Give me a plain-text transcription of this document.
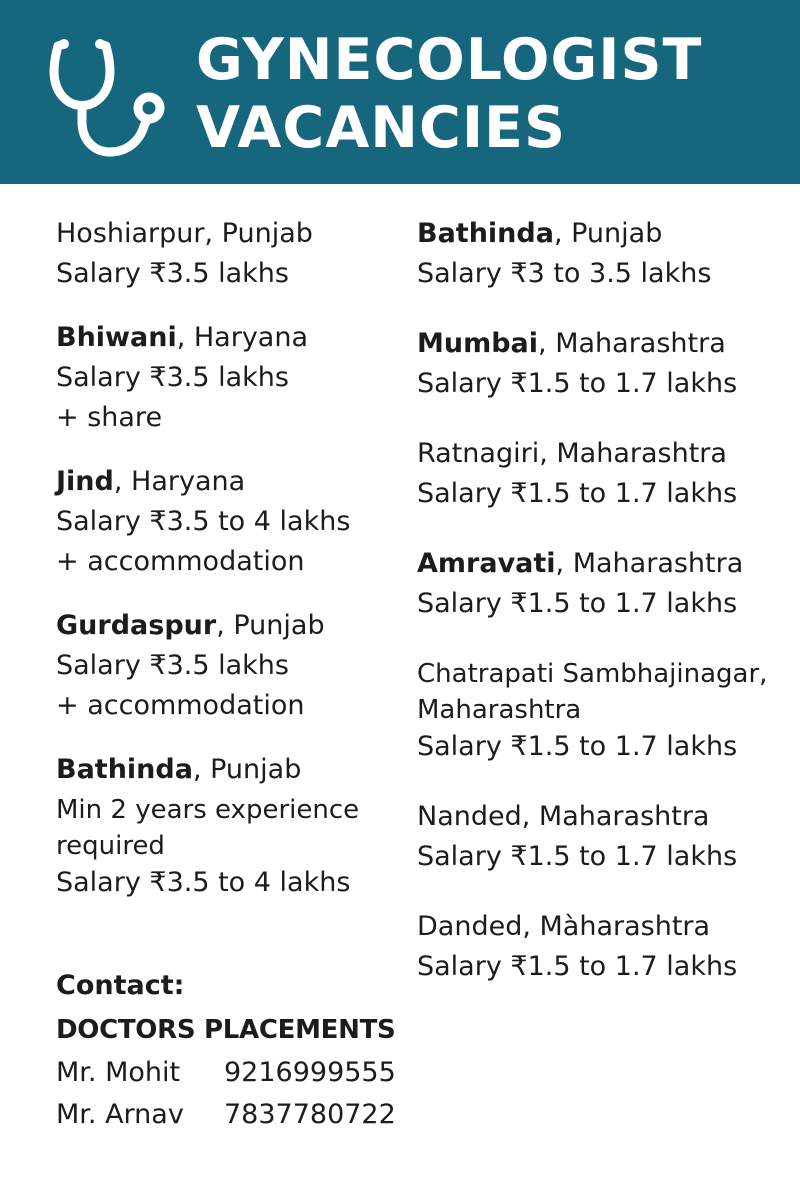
GYNECOLOGIST
VACANCIES
Hoshiarpur, Punjab
Salary ₹3.5 lakhs
Bhiwani, Haryana
Salary ₹3.5 lakhs
+ share
Jind, Haryana
Salary ₹3.5 to 4 lakhs
+ accommodation
Gurdaspur, Punjab
Salary ₹3.5 lakhs
+ accommodation
Bathinda, Punjab
Min 2 years experience
required
Salary ₹3.5 to 4 lakhs
Bathinda, Punjab
Salary ₹3 to 3.5 lakhs
Mumbai, Maharashtra
Salary ₹1.5 to 1.7 lakhs
Ratnagiri, Maharashtra
Salary ₹1.5 to 1.7 lakhs
Amravati, Maharashtra
Salary ₹1.5 to 1.7 lakhs
Chatrapati Sambhajinagar,
Maharashtra
Salary ₹1.5 to 1.7 lakhs
Nanded, Maharashtra
Salary ₹1.5 to 1.7 lakhs
Danded, Màharashtra
Salary ₹1.5 to 1.7 lakhs
Contact:
DOCTORS PLACEMENTS
Mr. Mohit 9216999555
Mr. Arnav 7837780722
